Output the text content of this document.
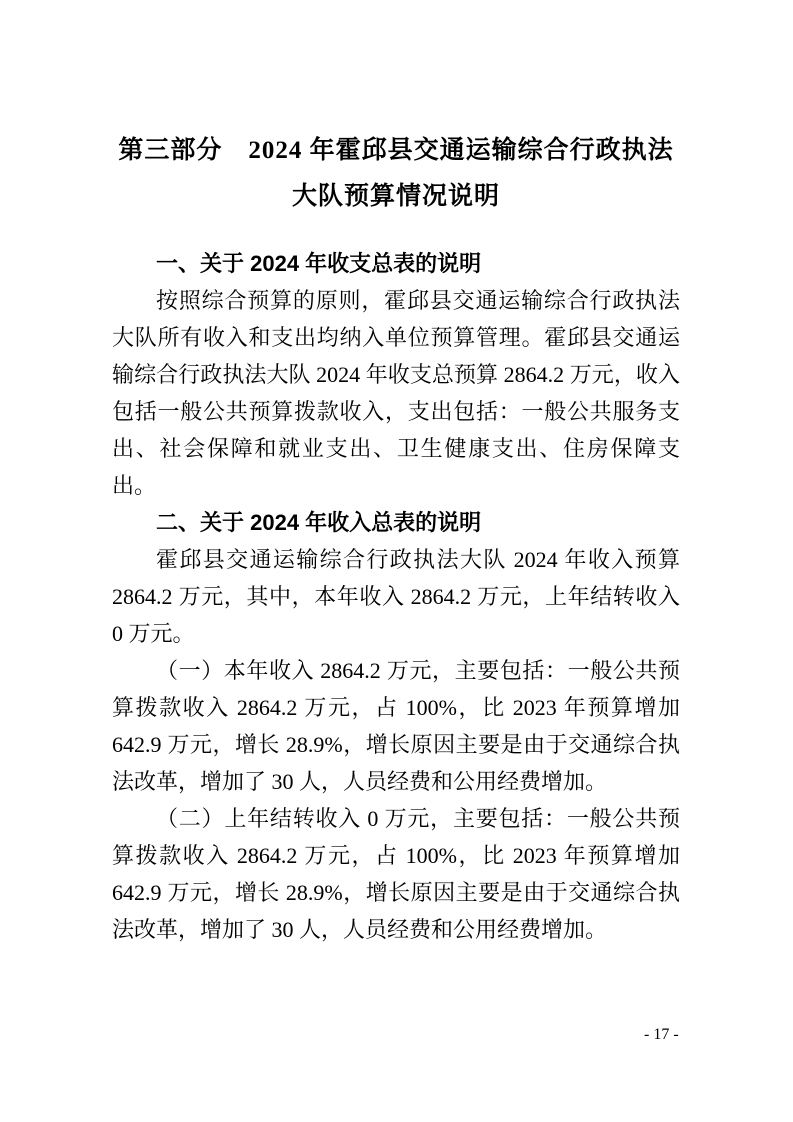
第三部分　2024 年霍邱县交通运输综合行政执法大队预算情况说明
一、关于 2024 年收支总表的说明

按照综合预算的原则，霍邱县交通运输综合行政执法大队所有收入和支出均纳入单位预算管理。霍邱县交通运输综合行政执法大队 2024 年收支总预算 2864.2 万元，收入包括一般公共预算拨款收入，支出包括：一般公共服务支出、社会保障和就业支出、卫生健康支出、住房保障支出。

二、关于 2024 年收入总表的说明

霍邱县交通运输综合行政执法大队 2024 年收入预算 2864.2 万元，其中，本年收入 2864.2 万元，上年结转收入 0 万元。

（一）本年收入 2864.2 万元，主要包括：一般公共预算拨款收入 2864.2 万元，占 100%，比 2023 年预算增加 642.9 万元，增长 28.9%，增长原因主要是由于交通综合执法改革，增加了 30 人，人员经费和公用经费增加。

（二）上年结转收入 0 万元，主要包括：一般公共预算拨款收入 2864.2 万元，占 100%，比 2023 年预算增加 642.9 万元，增长 28.9%，增长原因主要是由于交通综合执法改革，增加了 30 人，人员经费和公用经费增加。

- 17 -
